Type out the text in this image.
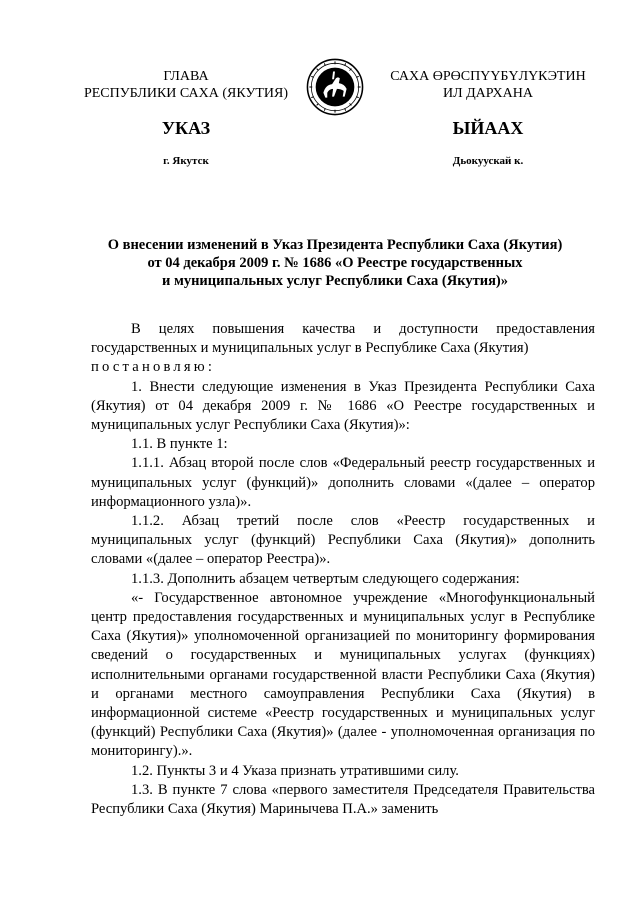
ГЛАВА
РЕСПУБЛИКИ САХА (ЯКУТИЯ)
УКАЗ
г. Якутск
САХА ӨРӨСПҮҮБҮЛҮКЭТИН
ИЛ ДАРХАНА
ЫЙААХ
Дьокуускай к.
О внесении изменений в Указ Президента Республики Саха (Якутия)
от 04 декабря 2009 г. № 1686 «О Реестре государственных
и муниципальных услуг Республики Саха (Якутия)»

В целях повышения качества и доступности предоставления государственных и муниципальных услуг в Республике Саха (Якутия)

постановляю:

1. Внести следующие изменения в Указ Президента Республики Саха (Якутия) от 04 декабря 2009 г. № 1686 «О Реестре государственных и муниципальных услуг Республики Саха (Якутия)»:

1.1. В пункте 1:

1.1.1. Абзац второй после слов «Федеральный реестр государственных и муниципальных услуг (функций)» дополнить словами «(далее – оператор информационного узла)».

1.1.2. Абзац третий после слов «Реестр государственных и муниципальных услуг (функций) Республики Саха (Якутия)» дополнить словами «(далее – оператор Реестра)».

1.1.3. Дополнить абзацем четвертым следующего содержания:

«- Государственное автономное учреждение «Многофункциональный центр предоставления государственных и муниципальных услуг в Республике Саха (Якутия)» уполномоченной организацией по мониторингу формирования сведений о государственных и муниципальных услугах (функциях) исполнительными органами государственной власти Республики Саха (Якутия) и органами местного самоуправления Республики Саха (Якутия) в информационной системе «Реестр государственных и муниципальных услуг (функций) Республики Саха (Якутия)» (далее - уполномоченная организация по мониторингу).».

1.2. Пункты 3 и 4 Указа признать утратившими силу.

1.3. В пункте 7 слова «первого заместителя Председателя Правительства Республики Саха (Якутия) Маринычева П.А.» заменить
